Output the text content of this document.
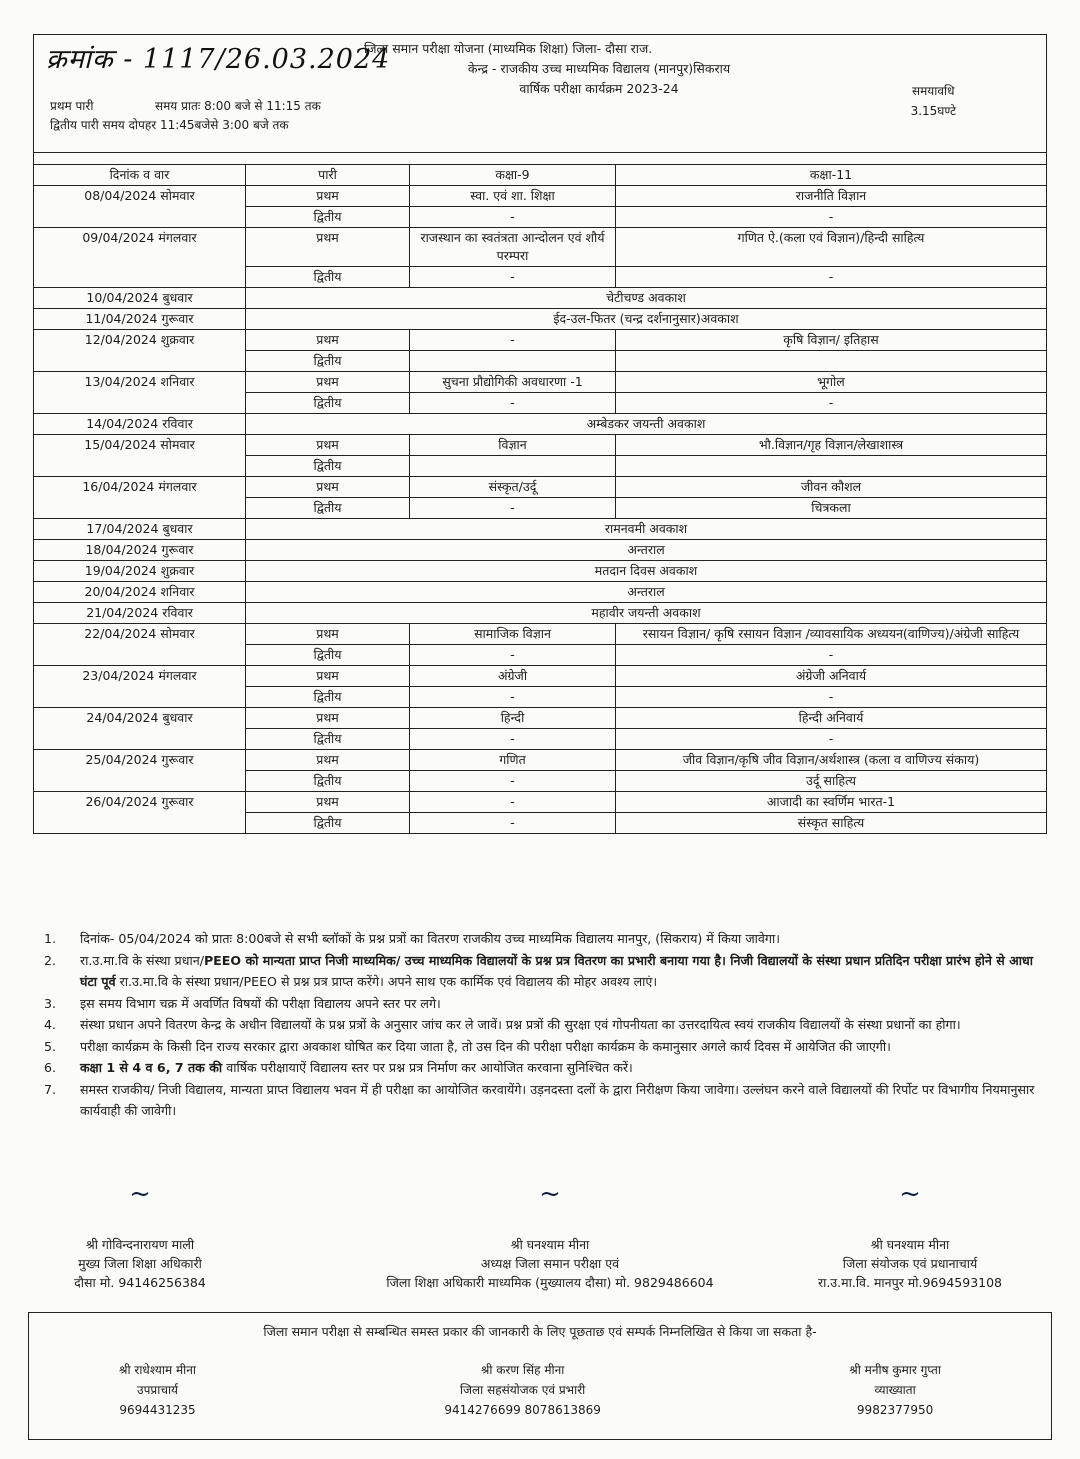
क्रमांक - 1117/26.03.2024
जिला समान परीक्षा योजना (माध्यमिक शिक्षा) जिला- दौसा राज.
केन्द्र - राजकीय उच्च माध्यमिक विद्यालय (मानपुर)सिकराय
वार्षिक परीक्षा कार्यक्रम 2023-24
प्रथम पारी	समय प्रातः 8:00 बजे से 11:15 तक
द्वितीय पारी समय दोपहर 11:45बजेसे 3:00 बजे तक
समयावधि
3.15घण्टे

दिनांक व वार	पारी	कक्षा-9	कक्षा-11
08/04/2024 सोमवार	प्रथम	स्वा. एवं शा. शिक्षा	राजनीति विज्ञान
	द्वितीय	-	-
09/04/2024 मंगलवार	प्रथम	राजस्थान का स्वतंत्रता आन्दोलन एवं शौर्य परम्परा	गणित ऐ.(कला एवं विज्ञान)/हिन्दी साहित्य
	द्वितीय	-	-
10/04/2024 बुधवार	चेटीचण्ड अवकाश		
11/04/2024 गुरूवार	ईद-उल-फितर (चन्द्र दर्शनानुसार)अवकाश		
12/04/2024 शुक्रवार	प्रथम	-	कृषि विज्ञान/ इतिहास
	द्वितीय		
13/04/2024 शनिवार	प्रथम	सुचना प्रौद्योगिकी अवधारणा -1	भूगोल
	द्वितीय	-	-
14/04/2024 रविवार	अम्बेडकर जयन्ती अवकाश		
15/04/2024 सोमवार	प्रथम	विज्ञान	भौ.विज्ञान/गृह विज्ञान/लेखाशास्त्र
	द्वितीय		
16/04/2024 मंगलवार	प्रथम	संस्कृत/उर्दू	जीवन कौशल
	द्वितीय	-	चित्रकला
17/04/2024 बुधवार	रामनवमी अवकाश		
18/04/2024 गुरूवार	अन्तराल		
19/04/2024 शुक्रवार	मतदान दिवस अवकाश		
20/04/2024 शनिवार	अन्तराल		
21/04/2024 रविवार	महावीर जयन्ती अवकाश		
22/04/2024 सोमवार	प्रथम	सामाजिक विज्ञान	रसायन विज्ञान/ कृषि रसायन विज्ञान /व्यावसायिक अध्ययन(वाणिज्य)/अंग्रेजी साहित्य
	द्वितीय	-	-
23/04/2024 मंगलवार	प्रथम	अंग्रेजी	अंग्रेजी अनिवार्य
	द्वितीय	-	-
24/04/2024 बुधवार	प्रथम	हिन्दी	हिन्दी अनिवार्य
	द्वितीय	-	-
25/04/2024 गुरूवार	प्रथम	गणित	जीव विज्ञान/कृषि जीव विज्ञान/अर्थशास्त्र (कला व वाणिज्य संकाय)
	द्वितीय	-	उर्दू साहित्य
26/04/2024 गुरूवार	प्रथम	-	आजादी का स्वर्णिम भारत-1
	द्वितीय	-	संस्कृत साहित्य
1.	दिनांक- 05/04/2024 को प्रातः 8:00बजे से सभी ब्लॉकों के प्रश्न प्रत्रों का वितरण राजकीय उच्च माध्यमिक विद्यालय मानपुर, (सिकराय) में किया जावेगा।
2.	रा.उ.मा.वि के संस्था प्रधान/PEEO को मान्यता प्राप्त निजी माध्यमिक/ उच्च माध्यमिक विद्यालयों के प्रश्न प्रत्र वितरण का प्रभारी बनाया गया है। निजी विद्यालयों के संस्था प्रधान प्रतिदिन परीक्षा प्रारंभ होने से आधा घंटा पूर्व रा.उ.मा.वि के संस्था प्रधान/PEEO से प्रश्न प्रत्र प्राप्त करेंगे। अपने साथ एक कार्मिक एवं विद्यालय की मोहर अवश्य लाएं।
3.	इस समय विभाग चक्र में अवर्णित विषयों की परीक्षा विद्यालय अपने स्तर पर लगे।
4.	संस्था प्रधान अपने वितरण केन्द्र के अधीन विद्यालयों के प्रश्न प्रत्रों के अनुसार जांच कर ले जावें। प्रश्न प्रत्रों की सुरक्षा एवं गोपनीयता का उत्तरदायित्व स्वयं राजकीय विद्यालयों के संस्था प्रधानों का होगा।
5.	परीक्षा कार्यक्रम के किसी दिन राज्य सरकार द्वारा अवकाश घोषित कर दिया जाता है, तो उस दिन की परीक्षा परीक्षा कार्यक्रम के कमानुसार अगले कार्य दिवस में आयेजित की जाएगी।
6.	कक्षा 1 से 4 व 6, 7 तक की वार्षिक परीक्षायाऐं विद्यालय स्तर पर प्रश्न प्रत्र निर्माण कर आयोजित करवाना सुनिश्चित करें।
7.	समस्त राजकीय/ निजी विद्यालय, मान्यता प्राप्त विद्यालय भवन में ही परीक्षा का आयोजित करवायेंगे। उड़नदस्ता दलों के द्वारा निरीक्षण किया जावेगा। उल्लंघन करने वाले विद्यालयों की रिर्पोट पर विभागीय नियमानुसार कार्यवाही की जावेगी।
~
श्री गोविन्दनारायण माली
मुख्य जिला शिक्षा अधिकारी
दौसा मो. 94146256384
~
श्री घनश्याम मीना
अध्यक्ष जिला समान परीक्षा एवं
जिला शिक्षा अधिकारी माध्यमिक (मुख्यालय दौसा) मो. 9829486604
~
श्री घनश्याम मीना
जिला संयोजक एवं प्रधानाचार्य
रा.उ.मा.वि. मानपुर मो.9694593108
जिला समान परीक्षा से सम्बन्धित समस्त प्रकार की जानकारी के लिए पूछताछ एवं सम्पर्क निम्नलिखित से किया जा सकता है-
श्री राधेश्याम मीना
उपप्राचार्य
9694431235
श्री करण सिंह मीना
जिला सहसंयोजक एवं प्रभारी
9414276699 8078613869
श्री मनीष कुमार गुप्ता
व्याख्याता
9982377950
